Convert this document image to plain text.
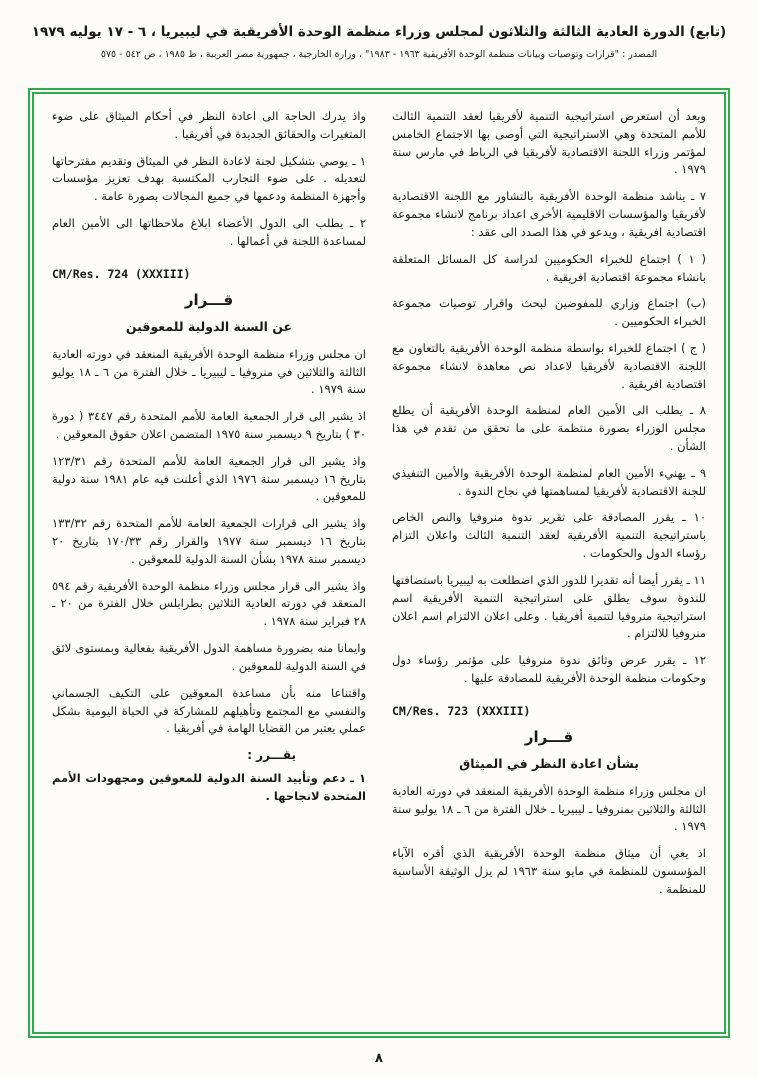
(تابع) الدورة العادية الثالثة والثلاثون لمجلس وزراء منظمة الوحدة الأفريقية في ليبيريا ، ٦ - ١٧ يوليه ١٩٧٩
المصدر : "قرارات وتوصيات وبيانات منظمة الوحدة الأفريقية ١٩٦٣ - ١٩٨٣" ، وزارة الخارجية ، جمهورية مصر العربية ، ط ١٩٨٥ ، ص ٥٤٢ - ٥٧٥
وبعد أن استعرض استراتيجية التنمية لأفريقيا لعقد التنمية الثالث للأمم المتحدة وهي الاستراتيجية التي أوصى بها الاجتماع الخامس لمؤتمر وزراء اللجنة الاقتصادية لأفريقيا في الرباط في مارس سنة ١٩٧٩ .
٧ ـ يناشد منظمة الوحدة الأفريقية بالتشاور مع اللجنة الاقتصادية لأفريقيا والمؤسسات الاقليمية الأخرى اعداد برنامج لانشاء مجموعة اقتصادية افريقية ، ويدعو في هذا الصدد الى عقد :
( ١ ) اجتماع للخبراء الحكوميين لدراسة كل المسائل المتعلقة بانشاء مجموعة اقتصادية افريقية .
(ب) اجتماع وزاري للمفوضين لبحث واقرار توصيات مجموعة الخبراء الحكوميين .
( ج ) اجتماع للخبراء بواسطة منظمة الوحدة الأفريقية بالتعاون مع اللجنة الاقتصادية لأفريقيا لاعداد نص معاهدة لانشاء مجموعة اقتصادية افريقية .
٨ ـ يطلب الى الأمين العام لمنظمة الوحدة الأفريقية أن يطلع مجلس الوزراء بصورة منتظمة على ما تحقق من تقدم في هذا الشأن .
٩ ـ يهنيء الأمين العام لمنظمة الوحدة الأفريقية والأمين التنفيذي للجنة الاقتصادية لأفريقيا لمساهمتها في نجاح الندوة .
١٠ ـ يقرر المصادقة على تقرير ندوة منروفيا والنص الخاص باستراتيجية التنمية الأفريقية لعقد التنمية الثالث واعلان التزام رؤساء الدول والحكومات .
١١ ـ يقرر أيضا أنه تقديرا للدور الذي اضطلعت به ليبيريا باستضافتها للندوة سوف يطلق على استراتيجية التنمية الأفريقية اسم استراتيجية منروفيا لتنمية أفريقيا . وعلى اعلان الالتزام اسم اعلان منروفيا للالتزام .
١٢ ـ يقرر عرض وثائق ندوة منروفيا على مؤتمر رؤساء دول وحكومات منظمة الوحدة الأفريقية للمصادقة عليها .
CM/Res. 723 (XXXIII)
قـــرار
بشأن اعادة النظر في الميثاق
ان مجلس وزراء منظمة الوحدة الأفريقية المنعقد في دورته العادية الثالثة والثلاثين بمنروفيا ـ ليبيريا ـ خلال الفترة من ٦ ـ ١٨ يوليو سنة ١٩٧٩ .
اذ يعي أن ميثاق منظمة الوحدة الأفريقية الذي أقره الآباء المؤسسون للمنظمة في مايو سنة ١٩٦٣ لم يزل الوثيقة الأساسية للمنظمة .
واذ يدرك الحاجة الى اعادة النظر في أحكام الميثاق على ضوء المتغيرات والحقائق الجديدة في أفريقيا .
١ ـ يوصي بتشكيل لجنة لاعادة النظر في الميثاق وتقديم مقترحاتها لتعديله . على ضوء التجارب المكتسبة بهدف تعزيز مؤسسات وأجهزة المنظمة ودعمها في جميع المجالات بصورة عامة .
٢ ـ يطلب الى الدول الأعضاء ابلاغ ملاحظاتها الى الأمين العام لمساعدة اللجنة في أعمالها .
CM/Res. 724 (XXXIII)
قـــرار
عن السنة الدولية للمعوقين
ان مجلس وزراء منظمة الوحدة الأفريقية المنعقد في دورته العادية الثالثة والثلاثين في منروفيا ـ ليبيريا ـ خلال الفترة من ٦ ـ ١٨ يوليو سنة ١٩٧٩ .
اذ يشير الى قرار الجمعية العامة للأمم المتحدة رقم ٣٤٤٧ ( دورة ٣٠ ) بتاريخ ٩ ديسمبر سنة ١٩٧٥ المتضمن اعلان حقوق المعوقين .
واذ يشير الى قرار الجمعية العامة للأمم المتحدة رقم ١٢٣/٣١ بتاريخ ١٦ ديسمبر سنة ١٩٧٦ الذي أعلنت فيه عام ١٩٨١ سنة دولية للمعوقين .
واذ يشير الى قرارات الجمعية العامة للأمم المتحدة رقم ١٣٣/٣٢ بتاريخ ١٦ ديسمبر سنة ١٩٧٧ والقرار رقم ١٧٠/٣٣ بتاريخ ٢٠ ديسمبر سنة ١٩٧٨ بشأن السنة الدولية للمعوقين .
واذ يشير الى قرار مجلس وزراء منظمة الوحدة الأفريقية رقم ٥٩٤ المنعقد في دورته العادية الثلاثين بطرابلس خلال الفترة من ٢٠ ـ ٢٨ فبراير سنة ١٩٧٨ .
وايمانا منه بضرورة مساهمة الدول الأفريقية بفعالية وبمستوى لائق في السنة الدولية للمعوقين .
واقتناعا منه بأن مساعدة المعوقين على التكيف الجسماني والنفسي مع المجتمع وتأهيلهم للمشاركة في الحياة اليومية بشكل عملي يعتبر من القضايا الهامة في أفريقيا .
يقـــرر :
١ ـ دعم وتأييد السنة الدولية للمعوقين ومجهودات الأمم المتحدة لانجاحها .
٨
